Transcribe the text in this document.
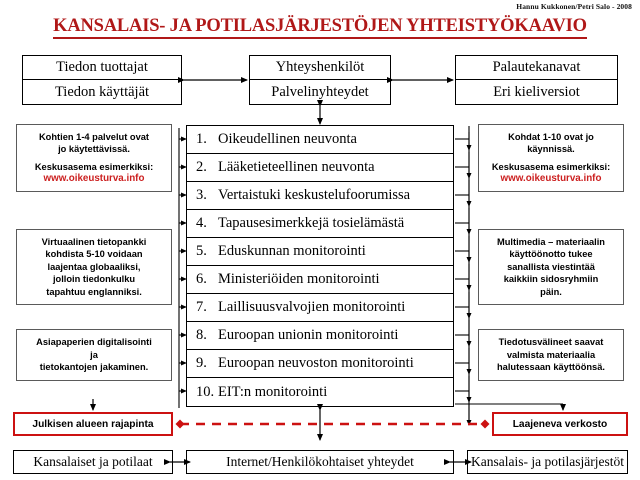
Hannu Kukkonen/Petri Salo - 2008
KANSALAIS- JA POTILASJÄRJESTÖJEN YHTEISTYÖKAAVIO
Tiedon tuottajat
Tiedon käyttäjät
Yhteyshenkilöt
Palvelinyhteydet
Palautekanavat
Eri kieliversiot
Kohtien 1-4 palvelut ovat
jo käytettävissä.
Keskusasema esimerkiksi:
www.oikeusturva.info
Virtuaalinen tietopankki
kohdista 5-10 voidaan
laajentaa globaaliksi,
jolloin tiedonkulku
tapahtuu englanniksi.
Asiapaperien digitalisointi
ja
tietokantojen jakaminen.
Kohdat 1-10 ovat jo
käynnissä.
Keskusasema esimerkiksi:
www.oikeusturva.info
Multimedia – materiaalin
käyttöönotto tukee
sanallista viestintää
kaikkiin sidosryhmiin
päin.
Tiedotusvälineet saavat
valmista materiaalia
halutessaan käyttöönsä.
1. Oikeudellinen neuvonta
2. Lääketieteellinen neuvonta
3. Vertaistuki keskustelufoorumissa
4. Tapausesimerkkejä tosielämästä
5. Eduskunnan monitorointi
6. Ministeriöiden monitorointi
7. Laillisuusvalvojien monitorointi
8. Euroopan unionin monitorointi
9. Euroopan neuvoston monitorointi
10. EIT:n monitorointi
Julkisen alueen rajapinta	Laajeneva verkosto
Kansalaiset ja potilaat	Internet/Henkilökohtaiset yhteydet	Kansalais- ja potilasjärjestöt
